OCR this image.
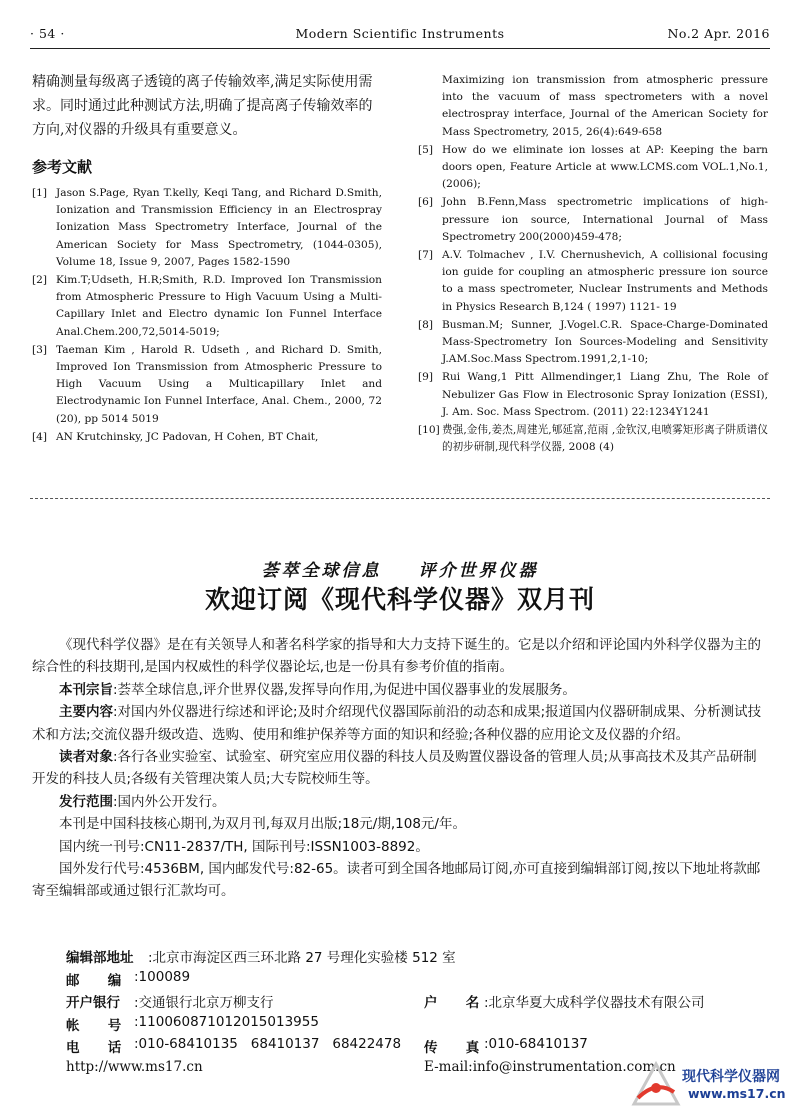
· 54 ·	Modern Scientific Instruments	No.2 Apr. 2016

精确测量每级离子透镜的离子传输效率,满足实际使用需求。同时通过此种测试方法,明确了提高离子传输效率的方向,对仪器的升级具有重要意义。

参考文献
[1] Jason S.Page, Ryan T.kelly, Keqi Tang, and Richard D.Smith, Ionization and Transmission Efficiency in an Electrospray Ionization Mass Spectrometry Interface, Journal of the American Society for Mass Spectrometry, (1044-0305), Volume 18, Issue 9, 2007, Pages 1582-1590
[2] Kim.T;Udseth, H.R;Smith, R.D. Improved Ion Transmission from Atmospheric Pressure to High Vacuum Using a Multi-Capillary Inlet and Electro dynamic Ion Funnel Interface Anal.Chem.200,72,5014-5019;
[3] Taeman Kim , Harold R. Udseth , and Richard D. Smith, Improved Ion Transmission from Atmospheric Pressure to High Vacuum Using a Multicapillary Inlet and Electrodynamic Ion Funnel Interface, Anal. Chem., 2000, 72 (20), pp 5014 5019
[4] AN Krutchinsky, JC Padovan, H Cohen, BT Chait,
Maximizing ion transmission from atmospheric pressure into the vacuum of mass spectrometers with a novel electrospray interface, Journal of the American Society for Mass Spectrometry, 2015, 26(4):649-658
[5] How do we eliminate ion losses at AP: Keeping the barn doors open, Feature Article at www.LCMS.com VOL.1,No.1,(2006);
[6] John B.Fenn,Mass spectrometric implications of high-pressure ion source, International Journal of Mass Spectrometry 200(2000)459-478;
[7] A.V. Tolmachev , I.V. Chernushevich, A collisional focusing ion guide for coupling an atmospheric pressure ion source to a mass spectrometer, Nuclear Instruments and Methods in Physics Research B,124 ( 1997) 1121- 19
[8] Busman.M; Sunner, J.Vogel.C.R. Space-Charge-Dominated Mass-Spectrometry Ion Sources-Modeling and Sensitivity J.AM.Soc.Mass Spectrom.1991,2,1-10;
[9] Rui Wang,1 Pitt Allmendinger,1 Liang Zhu, The Role of Nebulizer Gas Flow in Electrosonic Spray Ionization (ESSI), J. Am. Soc. Mass Spectrom. (2011) 22:1234Y1241
[10] 费强,金伟,姜杰,周建光,郇延富,范雨 ,金钦汉,电喷雾矩形离子阱质谱仪的初步研制,现代科学仪器, 2008 (4)
荟萃全球信息 评介世界仪器
欢迎订阅《现代科学仪器》双月刊

《现代科学仪器》是在有关领导人和著名科学家的指导和大力支持下诞生的。它是以介绍和评论国内外科学仪器为主的综合性的科技期刊,是国内权威性的科学仪器论坛,也是一份具有参考价值的指南。

本刊宗旨:荟萃全球信息,评介世界仪器,发挥导向作用,为促进中国仪器事业的发展服务。

主要内容:对国内外仪器进行综述和评论;及时介绍现代仪器国际前沿的动态和成果;报道国内仪器研制成果、分析测试技术和方法;交流仪器升级改造、选购、使用和维护保养等方面的知识和经验;各种仪器的应用论文及仪器的介绍。

读者对象:各行各业实验室、试验室、研究室应用仪器的科技人员及购置仪器设备的管理人员;从事高技术及其产品研制开发的科技人员;各级有关管理决策人员;大专院校师生等。

发行范围:国内外公开发行。

本刊是中国科技核心期刊,为双月刊,每双月出版;18元/期,108元/年。

国内统一刊号:CN11-2837/TH, 国际刊号:ISSN1003-8892。

国外发行代号:4536BM, 国内邮发代号:82-65。读者可到全国各地邮局订阅,亦可直接到编辑部订阅,按以下地址将款邮寄至编辑部或通过银行汇款均可。

编辑部地址 :北京市海淀区西三环北路 27 号理化实验楼 512 室
邮      编 :100089
开户银行 :交通银行北京万柳支行	户      名 :北京华夏大成科学仪器技术有限公司
帐      号 :110060871012015013955
电      话 :010-68410135   68410137   68422478 传      真 :010-68410137
http://www.ms17.cn	E-mail:info@instrumentation.com.cn
现代科学仪器网
www.ms17.cn
